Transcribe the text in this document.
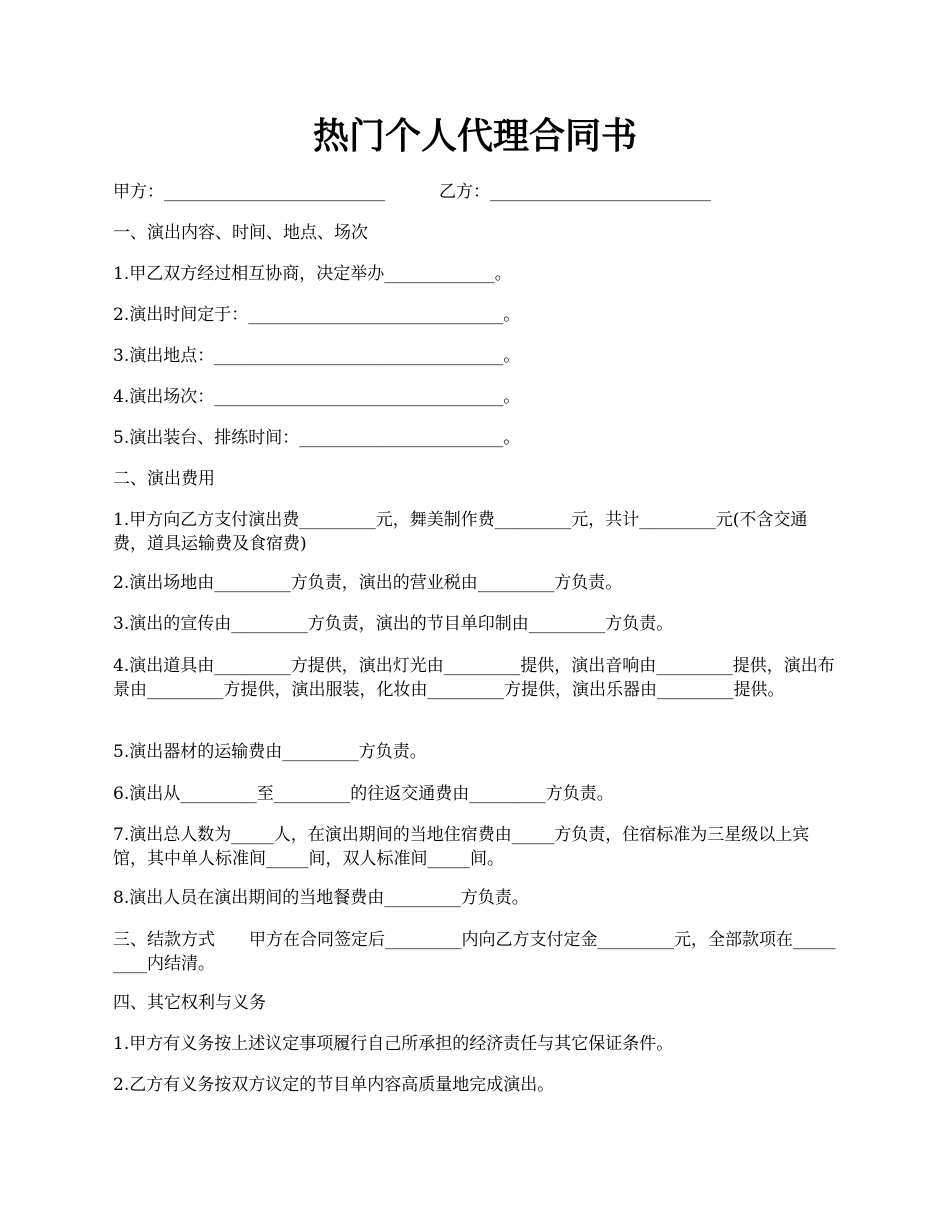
热门个人代理合同书
甲方：__________________________	乙方：__________________________

一、演出内容、时间、地点、场次

1.甲乙双方经过相互协商，决定举办_____________。

2.演出时间定于：______________________________。

3.演出地点：__________________________________。

4.演出场次：__________________________________。

5.演出装台、排练时间：________________________。

二、演出费用

1.甲方向乙方支付演出费_________元，舞美制作费_________元，共计_________元(不含交通费，道具运输费及食宿费)

2.演出场地由_________方负责，演出的营业税由_________方负责。

3.演出的宣传由_________方负责，演出的节目单印制由_________方负责。

4.演出道具由_________方提供，演出灯光由_________提供，演出音响由_________提供，演出布景由_________方提供，演出服装，化妆由_________方提供，演出乐器由_________提供。

5.演出器材的运输费由_________方负责。

6.演出从_________至_________的往返交通费由_________方负责。

7.演出总人数为_____人，在演出期间的当地住宿费由_____方负责，住宿标准为三星级以上宾馆，其中单人标准间_____间，双人标准间_____间。

8.演出人员在演出期间的当地餐费由_________方负责。

三、结款方式　　甲方在合同签定后_________内向乙方支付定金_________元，全部款项在_________内结清。

四、其它权利与义务

1.甲方有义务按上述议定事项履行自己所承担的经济责任与其它保证条件。

2.乙方有义务按双方议定的节目单内容高质量地完成演出。
